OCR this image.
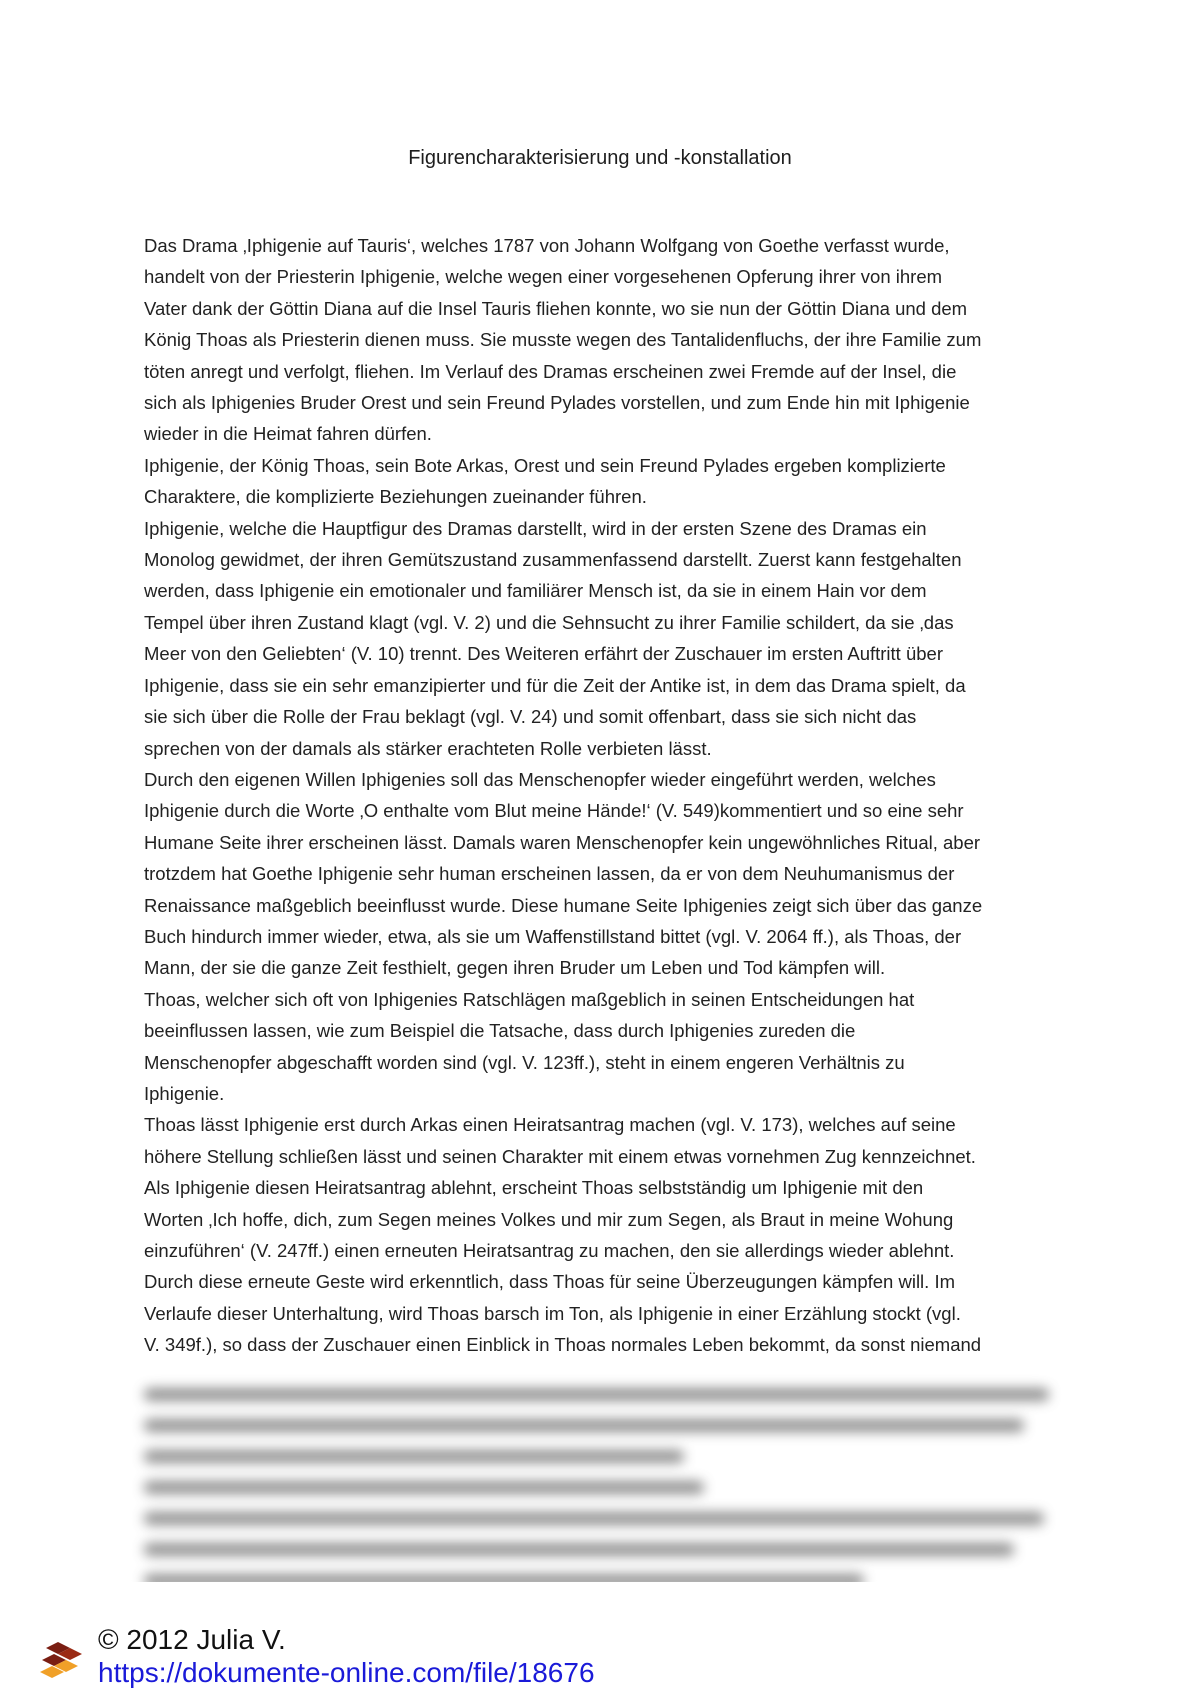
Figurencharakterisierung und -konstallation

Das Drama ‚Iphigenie auf Tauris‘, welches 1787 von Johann Wolfgang von Goethe verfasst wurde,
handelt von der Priesterin Iphigenie, welche wegen einer vorgesehenen Opferung ihrer von ihrem
Vater dank der Göttin Diana auf die Insel Tauris fliehen konnte, wo sie nun der Göttin Diana und dem
König Thoas als Priesterin dienen muss. Sie musste wegen des Tantalidenfluchs, der ihre Familie zum
töten anregt und verfolgt, fliehen. Im Verlauf des Dramas erscheinen zwei Fremde auf der Insel, die
sich als Iphigenies Bruder Orest und sein Freund Pylades vorstellen, und zum Ende hin mit Iphigenie
wieder in die Heimat fahren dürfen.
Iphigenie, der König Thoas, sein Bote Arkas, Orest und sein Freund Pylades ergeben komplizierte
Charaktere, die komplizierte Beziehungen zueinander führen.
Iphigenie, welche die Hauptfigur des Dramas darstellt, wird in der ersten Szene des Dramas ein
Monolog gewidmet, der ihren Gemütszustand zusammenfassend darstellt. Zuerst kann festgehalten
werden, dass Iphigenie ein emotionaler und familiärer Mensch ist, da sie in einem Hain vor dem
Tempel über ihren Zustand klagt (vgl. V. 2) und die Sehnsucht zu ihrer Familie schildert, da sie ‚das
Meer von den Geliebten‘ (V. 10) trennt. Des Weiteren erfährt der Zuschauer im ersten Auftritt über
Iphigenie, dass sie ein sehr emanzipierter und für die Zeit der Antike ist, in dem das Drama spielt, da
sie sich über die Rolle der Frau beklagt (vgl. V. 24) und somit offenbart, dass sie sich nicht das
sprechen von der damals als stärker erachteten Rolle verbieten lässt.
Durch den eigenen Willen Iphigenies soll das Menschenopfer wieder eingeführt werden, welches
Iphigenie durch die Worte ‚O enthalte vom Blut meine Hände!‘ (V. 549)kommentiert und so eine sehr
Humane Seite ihrer erscheinen lässt. Damals waren Menschenopfer kein ungewöhnliches Ritual, aber
trotzdem hat Goethe Iphigenie sehr human erscheinen lassen, da er von dem Neuhumanismus der
Renaissance maßgeblich beeinflusst wurde. Diese humane Seite Iphigenies zeigt sich über das ganze
Buch hindurch immer wieder, etwa, als sie um Waffenstillstand bittet (vgl. V. 2064 ff.), als Thoas, der
Mann, der sie die ganze Zeit festhielt, gegen ihren Bruder um Leben und Tod kämpfen will.
Thoas, welcher sich oft von Iphigenies Ratschlägen maßgeblich in seinen Entscheidungen hat
beeinflussen lassen, wie zum Beispiel die Tatsache, dass durch Iphigenies zureden die
Menschenopfer abgeschafft worden sind (vgl. V. 123ff.), steht in einem engeren Verhältnis zu
Iphigenie.
Thoas lässt Iphigenie erst durch Arkas einen Heiratsantrag machen (vgl. V. 173), welches auf seine
höhere Stellung schließen lässt und seinen Charakter mit einem etwas vornehmen Zug kennzeichnet.
Als Iphigenie diesen Heiratsantrag ablehnt, erscheint Thoas selbstständig um Iphigenie mit den
Worten ‚Ich hoffe, dich, zum Segen meines Volkes und mir zum Segen, als Braut in meine Wohung
einzuführen‘ (V. 247ff.) einen erneuten Heiratsantrag zu machen, den sie allerdings wieder ablehnt.
Durch diese erneute Geste wird erkenntlich, dass Thoas für seine Überzeugungen kämpfen will. Im
Verlaufe dieser Unterhaltung, wird Thoas barsch im Ton, als Iphigenie in einer Erzählung stockt (vgl.
V. 349f.), so dass der Zuschauer einen Einblick in Thoas normales Leben bekommt, da sonst niemand

© 2012 Julia V.
https://dokumente-online.com/file/18676
